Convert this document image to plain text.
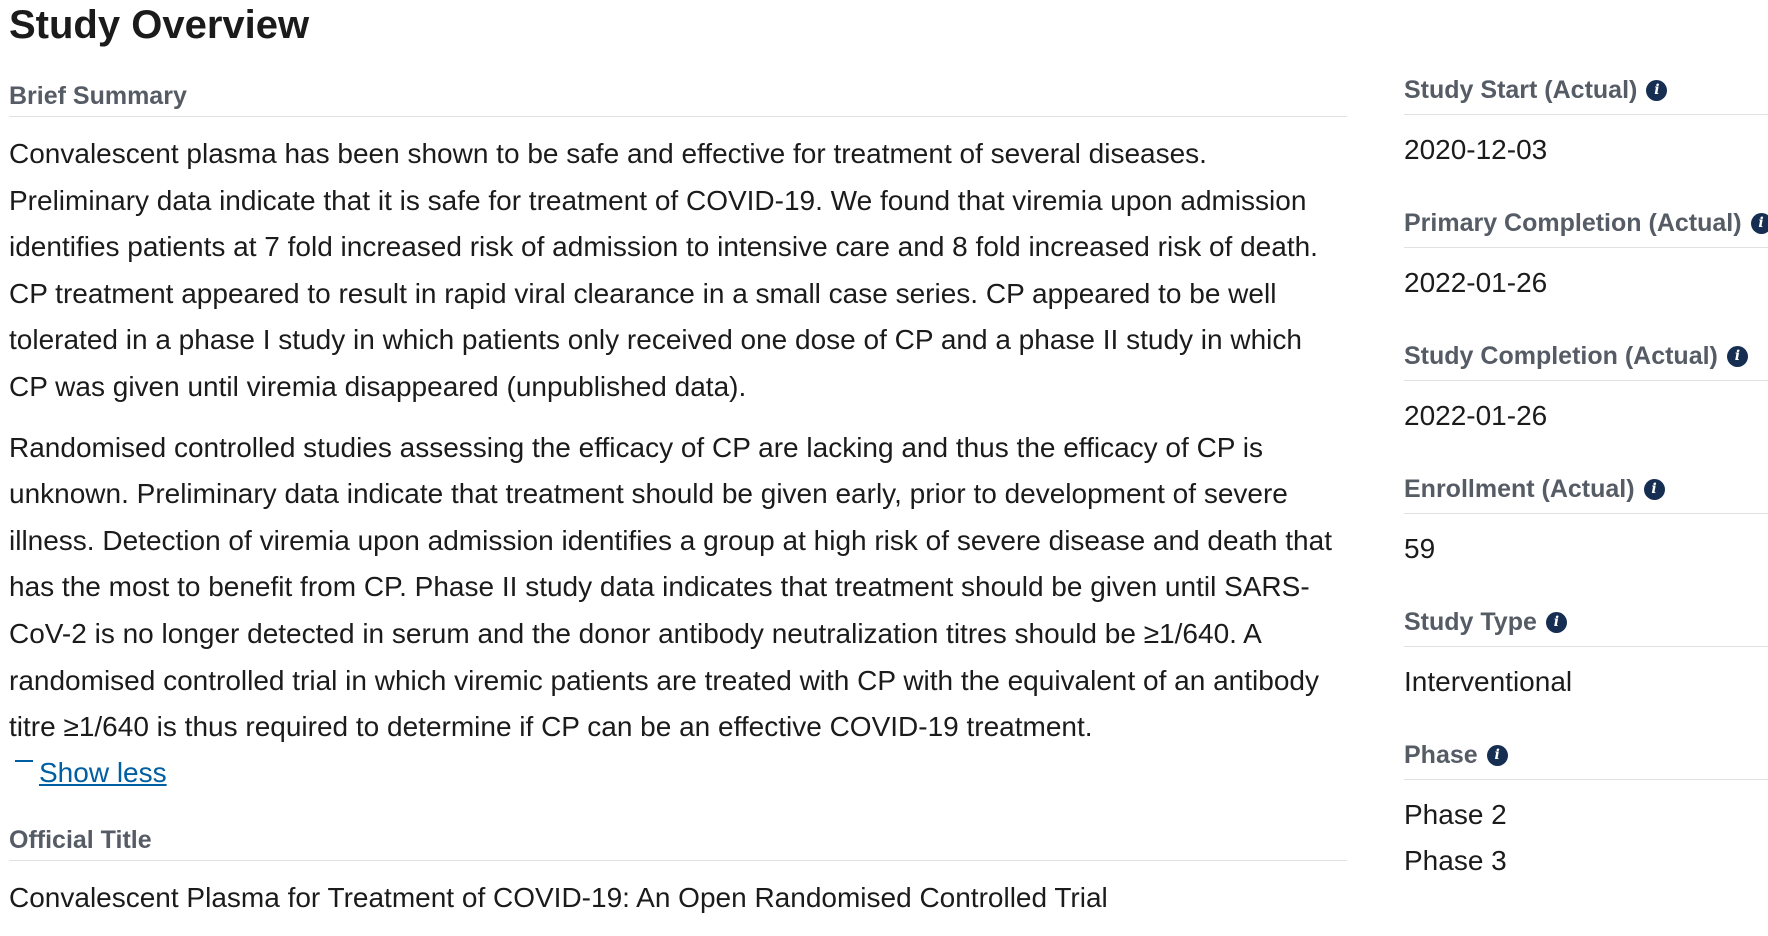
Study Overview
Brief Summary

Convalescent plasma has been shown to be safe and effective for treatment of several diseases. Preliminary data indicate that it is safe for treatment of COVID-19. We found that viremia upon admission identifies patients at 7 fold increased risk of admission to intensive care and 8 fold increased risk of death. CP treatment appeared to result in rapid viral clearance in a small case series. CP appeared to be well tolerated in a phase I study in which patients only received one dose of CP and a phase II study in which CP was given until viremia disappeared (unpublished data).

Randomised controlled studies assessing the efficacy of CP are lacking and thus the efficacy of CP is unknown. Preliminary data indicate that treatment should be given early, prior to development of severe illness. Detection of viremia upon admission identifies a group at high risk of severe disease and death that has the most to benefit from CP. Phase II study data indicates that treatment should be given until SARS-CoV-2 is no longer detected in serum and the donor antibody neutralization titres should be ≥1/640. A randomised controlled trial in which viremic patients are treated with CP with the equivalent of an antibody titre ≥1/640 is thus required to determine if CP can be an effective COVID-19 treatment.

Show less
Official Title
Convalescent Plasma for Treatment of COVID-19: An Open Randomised Controlled Trial
Study Start (Actual)	i
2020-12-03
Primary Completion (Actual)	i
2022-01-26
Study Completion (Actual)	i
2022-01-26
Enrollment (Actual)	i
59
Study Type	i
Interventional
Phase	i
Phase 2
Phase 3
